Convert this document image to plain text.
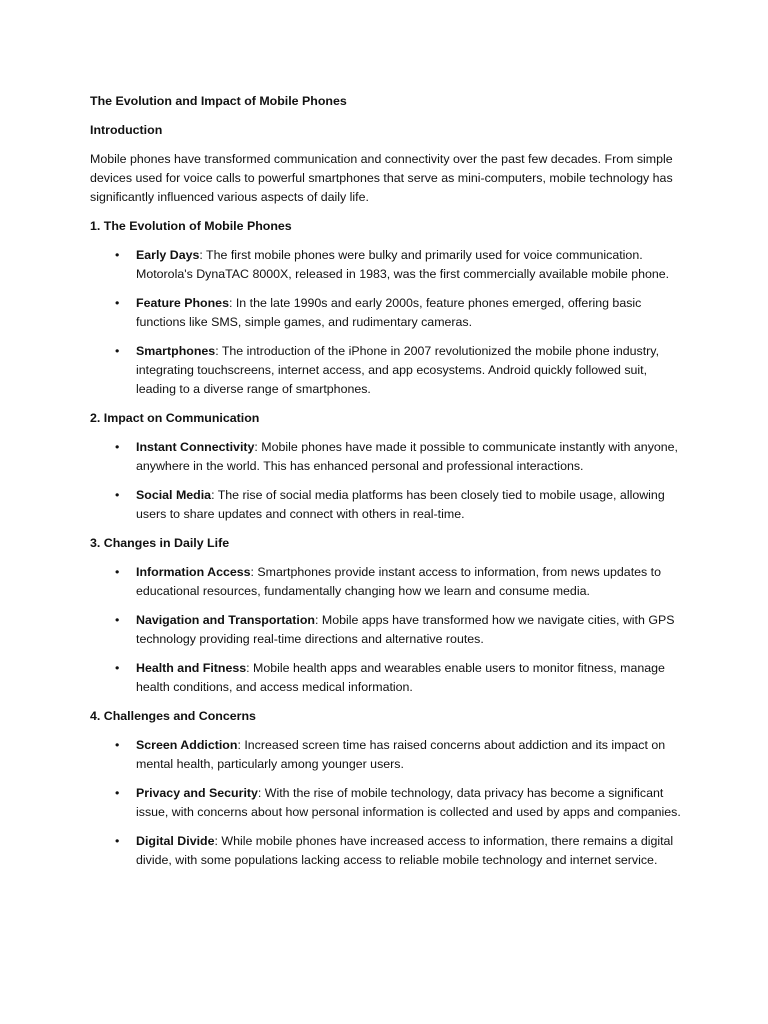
The Evolution and Impact of Mobile Phones
Introduction
Mobile phones have transformed communication and connectivity over the past few decades. From simple devices used for voice calls to powerful smartphones that serve as mini-computers, mobile technology has significantly influenced various aspects of daily life.
1. The Evolution of Mobile Phones
• Early Days: The first mobile phones were bulky and primarily used for voice communication. Motorola's DynaTAC 8000X, released in 1983, was the first commercially available mobile phone.
• Feature Phones: In the late 1990s and early 2000s, feature phones emerged, offering basic functions like SMS, simple games, and rudimentary cameras.
• Smartphones: The introduction of the iPhone in 2007 revolutionized the mobile phone industry, integrating touchscreens, internet access, and app ecosystems. Android quickly followed suit, leading to a diverse range of smartphones.
2. Impact on Communication
• Instant Connectivity: Mobile phones have made it possible to communicate instantly with anyone, anywhere in the world. This has enhanced personal and professional interactions.
• Social Media: The rise of social media platforms has been closely tied to mobile usage, allowing users to share updates and connect with others in real-time.
3. Changes in Daily Life
• Information Access: Smartphones provide instant access to information, from news updates to educational resources, fundamentally changing how we learn and consume media.
• Navigation and Transportation: Mobile apps have transformed how we navigate cities, with GPS technology providing real-time directions and alternative routes.
• Health and Fitness: Mobile health apps and wearables enable users to monitor fitness, manage health conditions, and access medical information.
4. Challenges and Concerns
• Screen Addiction: Increased screen time has raised concerns about addiction and its impact on mental health, particularly among younger users.
• Privacy and Security: With the rise of mobile technology, data privacy has become a significant issue, with concerns about how personal information is collected and used by apps and companies.
• Digital Divide: While mobile phones have increased access to information, there remains a digital divide, with some populations lacking access to reliable mobile technology and internet service.
